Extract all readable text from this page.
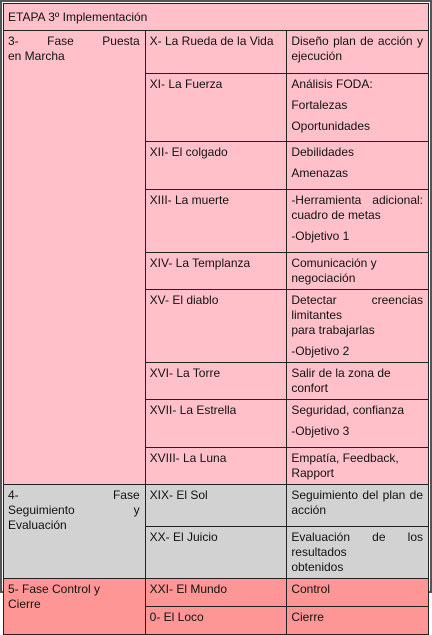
ETAPA 3º Implementación		

3- Fase Puesta
en Marcha	X- La Rueda de la Vida	Diseño plan de acción y
ejecución

	XI- La Fuerza	Análisis FODA:
Fortalezas
Oportunidades

	XII- El colgado	Debilidades
Amenazas

	XIII- La muerte	-Herramienta adicional:
cuadro de metas
-Objetivo 1

	XIV- La Templanza	Comunicación y negociación

	XV- El diablo	Detectar creencias limitantes
para trabajarlas
-Objetivo 2

	XVI- La Torre	Salir de la zona de confort

	XVII- La Estrella	Seguridad, confianza
-Objetivo 3

	XVIII- La Luna	Empatía, Feedback, Rapport

4- Fase
Seguimiento y
Evaluación	XIX- El Sol	Seguimiento del plan de
acción

	XX- El Juicio	Evaluación de los resultados
obtenidos

5- Fase Control y
Cierre	XXI- El Mundo	Control

	0- El Loco	Cierre
